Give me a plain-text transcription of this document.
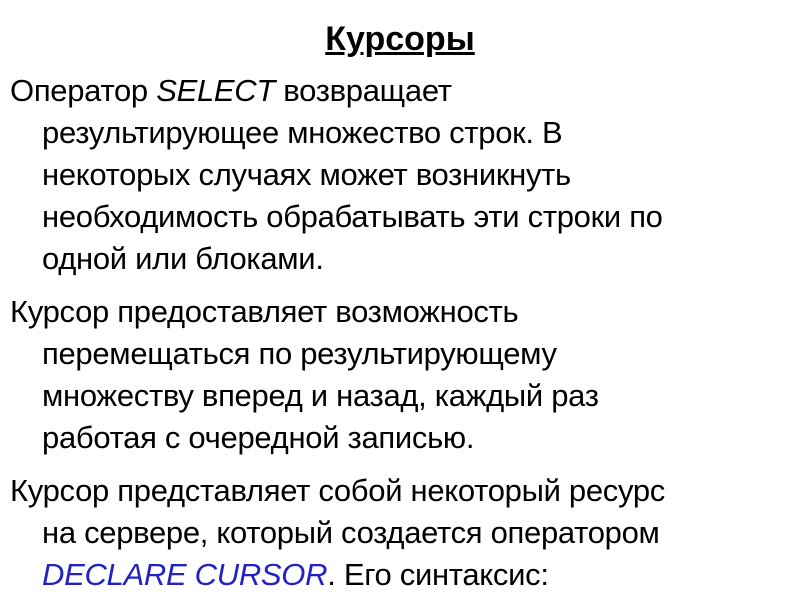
Курсоры
Оператор SELECT возвращает
результирующее множество строк. В
некоторых случаях может возникнуть
необходимость обрабатывать эти строки по
одной или блоками.
Курсор предоставляет возможность
перемещаться по результирующему
множеству вперед и назад, каждый раз
работая с очередной записью.
Курсор представляет собой некоторый ресурс
на сервере, который создается оператором
DECLARE CURSOR. Его синтаксис:
